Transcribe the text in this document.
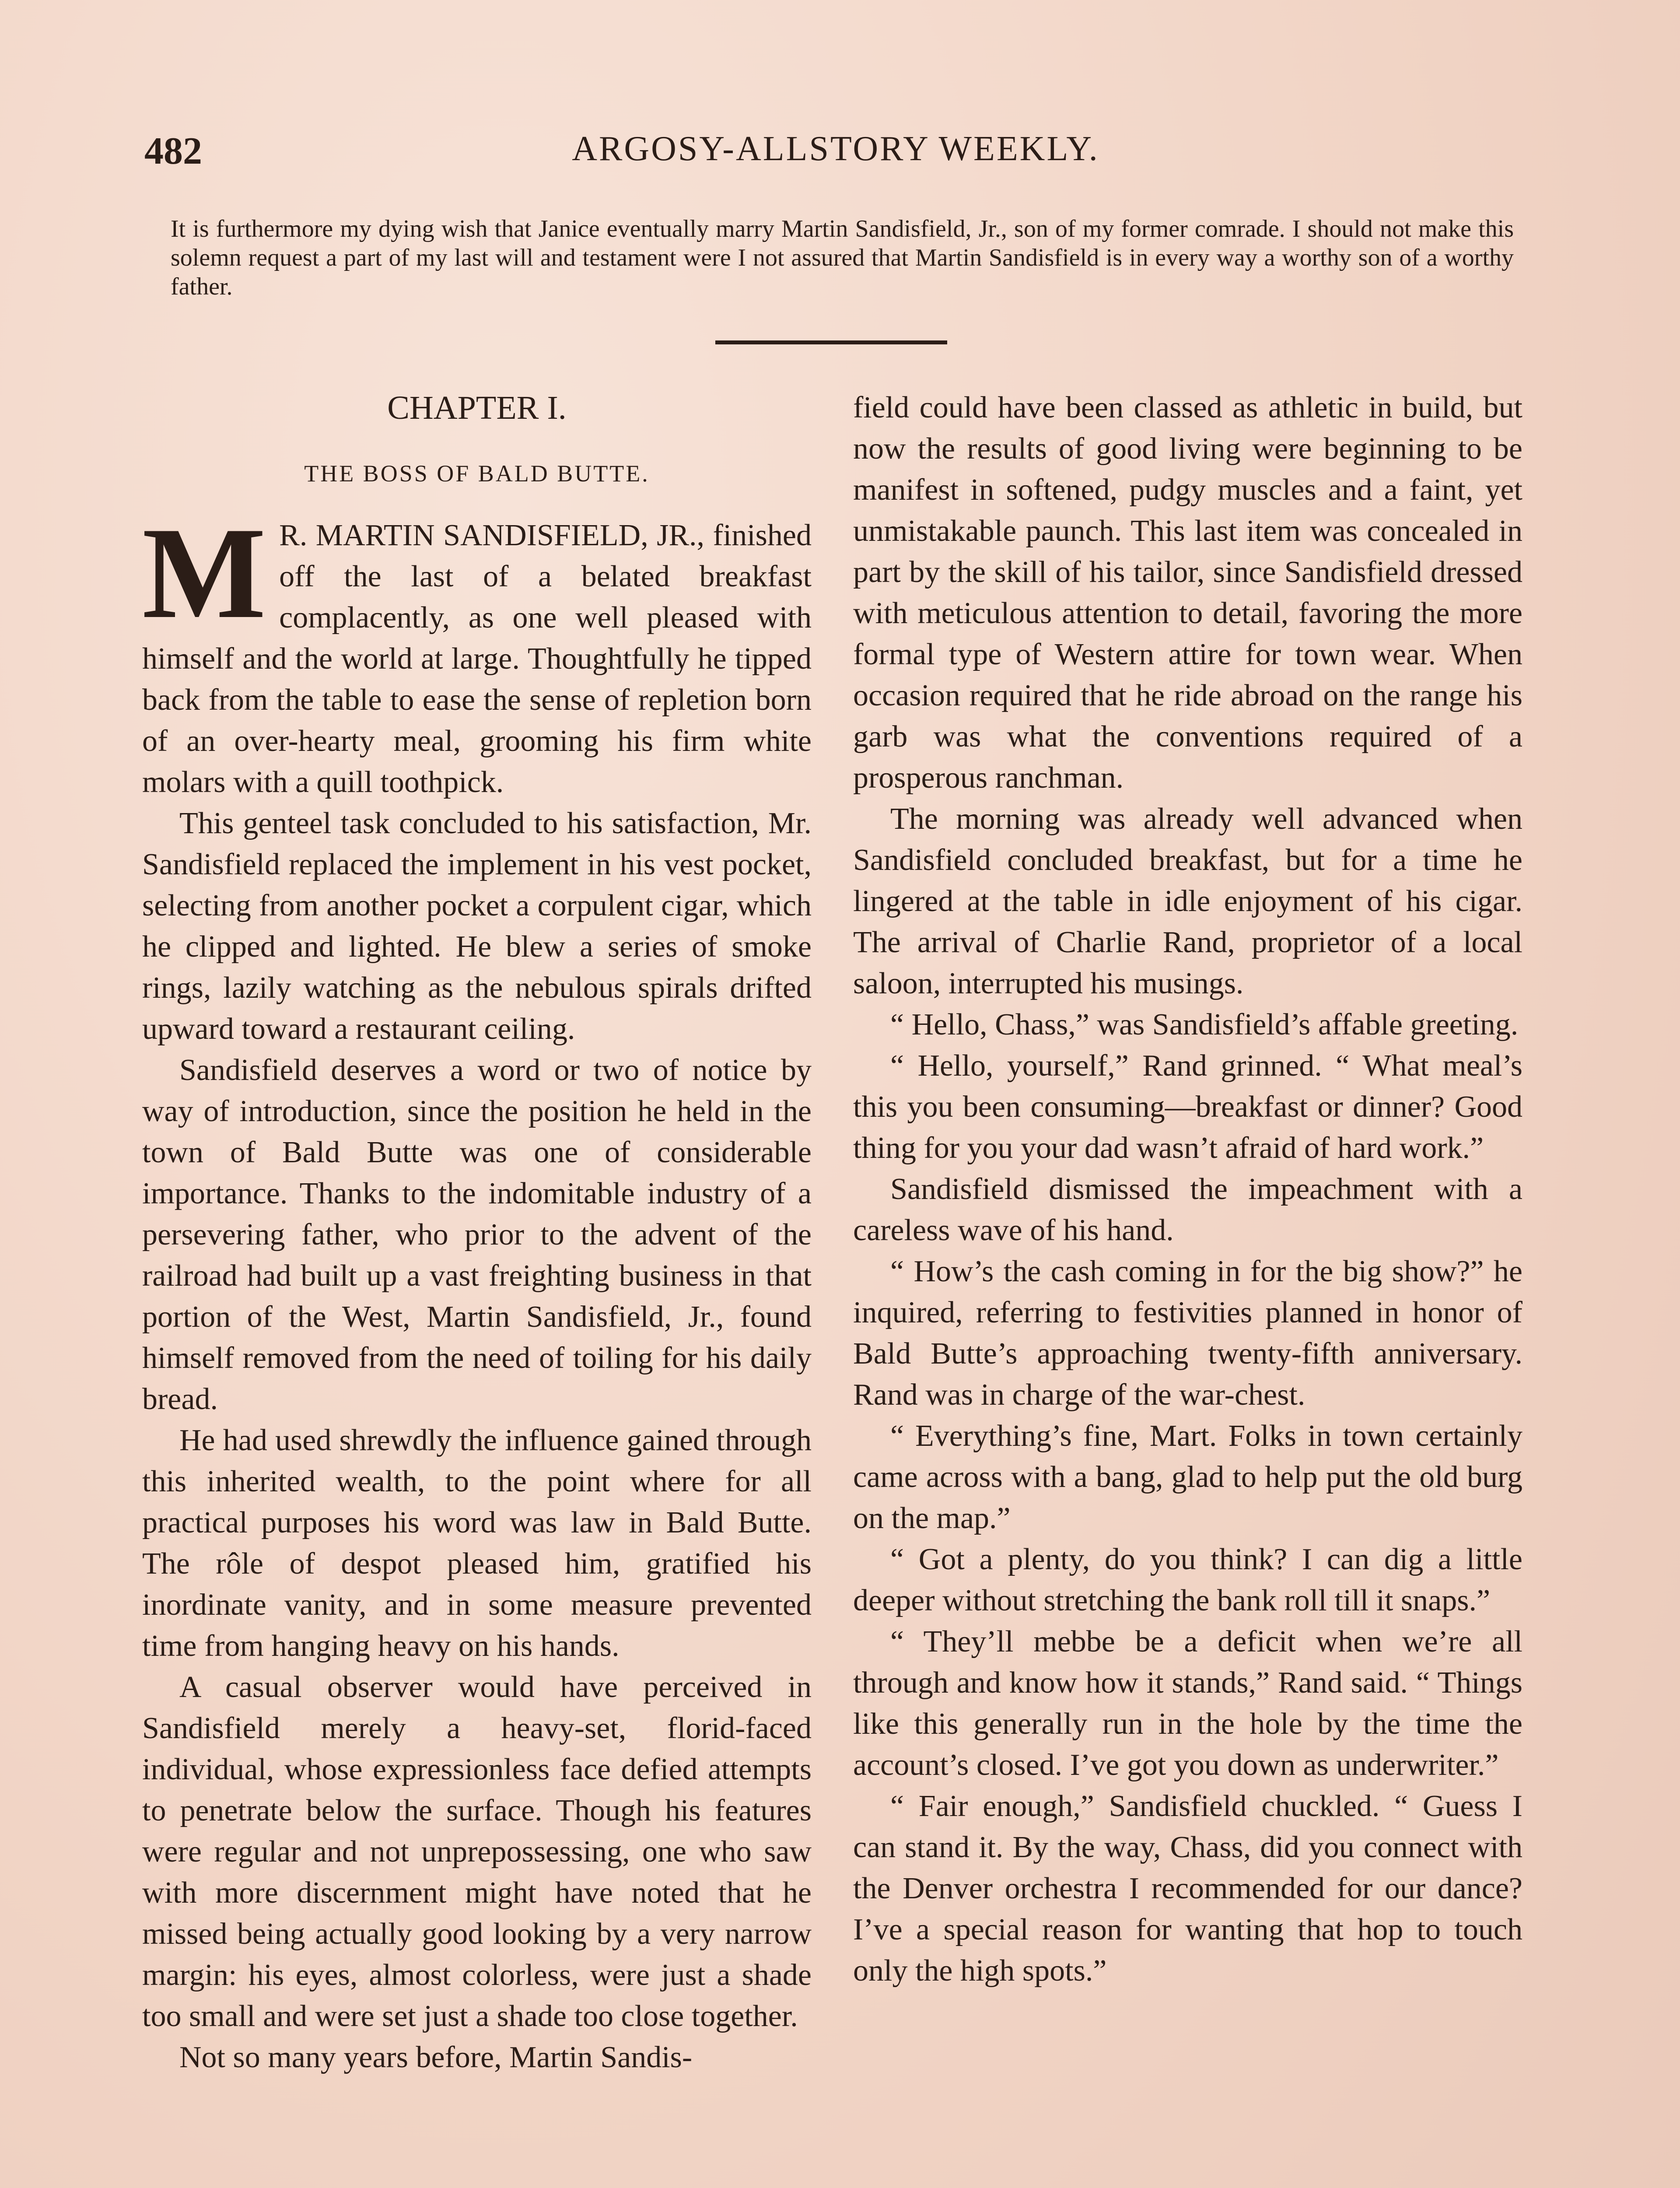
482	ARGOSY-ALLSTORY WEEKLY.
It is furthermore my dying wish that Janice eventually marry Martin Sandisfield, Jr., son of my former comrade. I should not make this solemn request a part of my last will and testament were I not assured that Martin Sandisfield is in every way a worthy son of a worthy father.
CHAPTER I.
THE BOSS OF BALD BUTTE.

M R. MARTIN SANDISFIELD, JR., finished off the last of a belated breakfast complacently, as one well pleased with himself and the world at large. Thoughtfully he tipped back from the table to ease the sense of repletion born of an over-hearty meal, grooming his firm white molars with a quill toothpick.

This genteel task concluded to his satisfaction, Mr. Sandisfield replaced the implement in his vest pocket, selecting from another pocket a corpulent cigar, which he clipped and lighted. He blew a series of smoke rings, lazily watching as the nebulous spirals drifted upward toward a restaurant ceiling.

Sandisfield deserves a word or two of notice by way of introduction, since the position he held in the town of Bald Butte was one of considerable importance. Thanks to the indomitable industry of a persevering father, who prior to the advent of the railroad had built up a vast freighting business in that portion of the West, Martin Sandisfield, Jr., found himself removed from the need of toiling for his daily bread.

He had used shrewdly the influence gained through this inherited wealth, to the point where for all practical purposes his word was law in Bald Butte. The rôle of despot pleased him, gratified his inordinate vanity, and in some measure prevented time from hanging heavy on his hands.

A casual observer would have perceived in Sandisfield merely a heavy-set, florid-faced individual, whose expressionless face defied attempts to penetrate below the surface. Though his features were regular and not unprepossessing, one who saw with more discernment might have noted that he missed being actually good looking by a very narrow margin: his eyes, almost colorless, were just a shade too small and were set just a shade too close together.

Not so many years before, Martin Sandis-

field could have been classed as athletic in build, but now the results of good living were beginning to be manifest in softened, pudgy muscles and a faint, yet unmistakable paunch. This last item was concealed in part by the skill of his tailor, since Sandisfield dressed with meticulous attention to detail, favoring the more formal type of Western attire for town wear. When occasion required that he ride abroad on the range his garb was what the conventions required of a prosperous ranchman.

The morning was already well advanced when Sandisfield concluded breakfast, but for a time he lingered at the table in idle enjoyment of his cigar. The arrival of Charlie Rand, proprietor of a local saloon, interrupted his musings.

“ Hello, Chass,” was Sandisfield’s affable greeting.

“ Hello, yourself,” Rand grinned. “ What meal’s this you been consuming—breakfast or dinner? Good thing for you your dad wasn’t afraid of hard work.”

Sandisfield dismissed the impeachment with a careless wave of his hand.

“ How’s the cash coming in for the big show?” he inquired, referring to festivities planned in honor of Bald Butte’s approaching twenty-fifth anniversary. Rand was in charge of the war-chest.

“ Everything’s fine, Mart. Folks in town certainly came across with a bang, glad to help put the old burg on the map.”

“ Got a plenty, do you think? I can dig a little deeper without stretching the bank roll till it snaps.”

“ They’ll mebbe be a deficit when we’re all through and know how it stands,” Rand said. “ Things like this generally run in the hole by the time the account’s closed. I’ve got you down as underwriter.”

“ Fair enough,” Sandisfield chuckled. “ Guess I can stand it. By the way, Chass, did you connect with the Denver orchestra I recommended for our dance? I’ve a special reason for wanting that hop to touch only the high spots.”
